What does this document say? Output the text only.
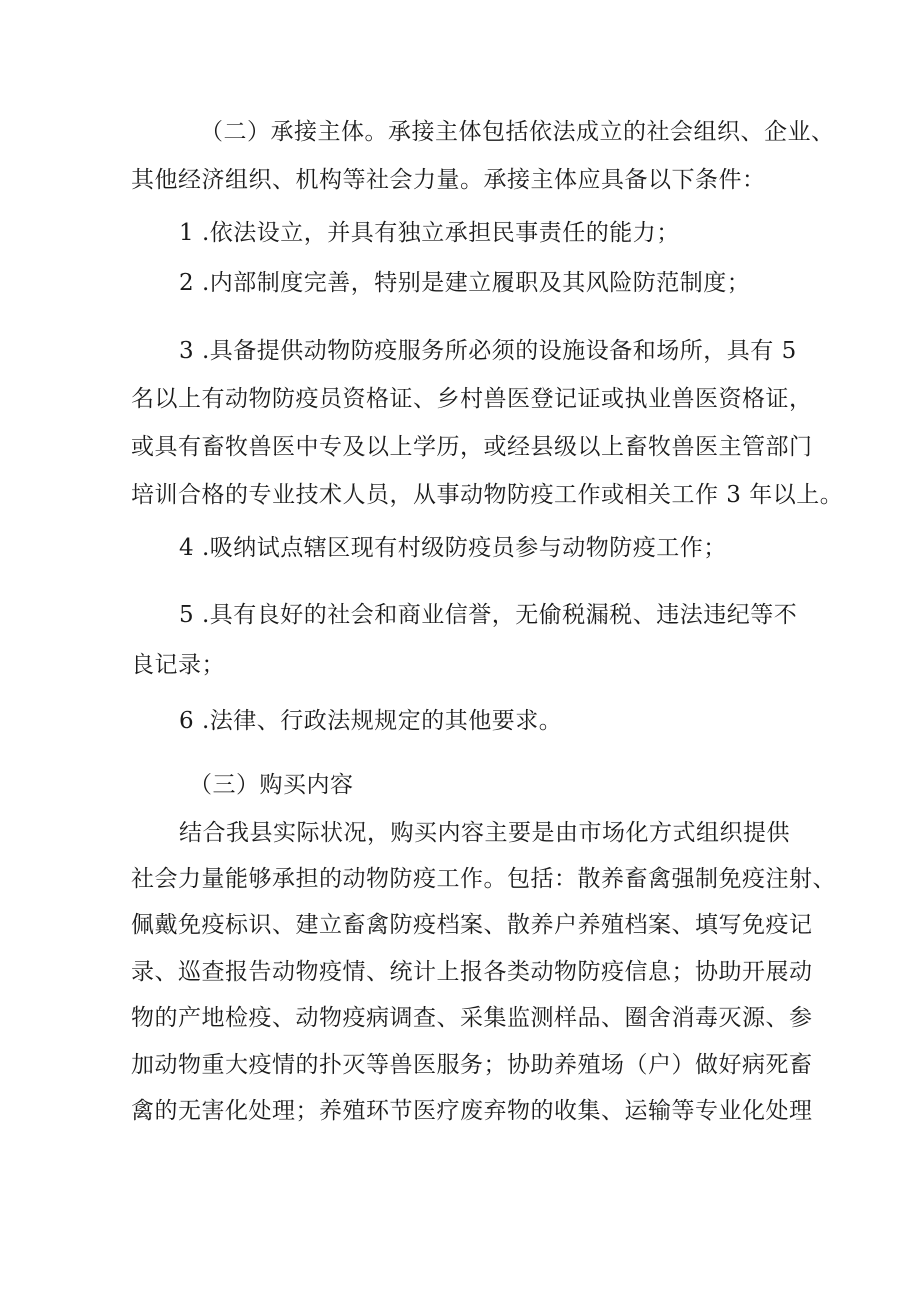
（二）承接主体。承接主体包括依法成立的社会组织、企业、
其他经济组织、机构等社会力量。承接主体应具备以下条件：
1 .依法设立，并具有独立承担民事责任的能力；
2 .内部制度完善，特别是建立履职及其风险防范制度；
3 .具备提供动物防疫服务所必须的设施设备和场所，具有 5
名以上有动物防疫员资格证、乡村兽医登记证或执业兽医资格证，
或具有畜牧兽医中专及以上学历，或经县级以上畜牧兽医主管部门
培训合格的专业技术人员，从事动物防疫工作或相关工作 3 年以上。
4 .吸纳试点辖区现有村级防疫员参与动物防疫工作；
5 .具有良好的社会和商业信誉，无偷税漏税、违法违纪等不
良记录；
6 .法律、行政法规规定的其他要求。
（三）购买内容
结合我县实际状况，购买内容主要是由市场化方式组织提供
社会力量能够承担的动物防疫工作。包括：散养畜禽强制免疫注射、
佩戴免疫标识、建立畜禽防疫档案、散养户养殖档案、填写免疫记
录、巡查报告动物疫情、统计上报各类动物防疫信息；协助开展动
物的产地检疫、动物疫病调查、采集监测样品、圈舍消毒灭源、参
加动物重大疫情的扑灭等兽医服务；协助养殖场（户）做好病死畜
禽的无害化处理；养殖环节医疗废弃物的收集、运输等专业化处理
